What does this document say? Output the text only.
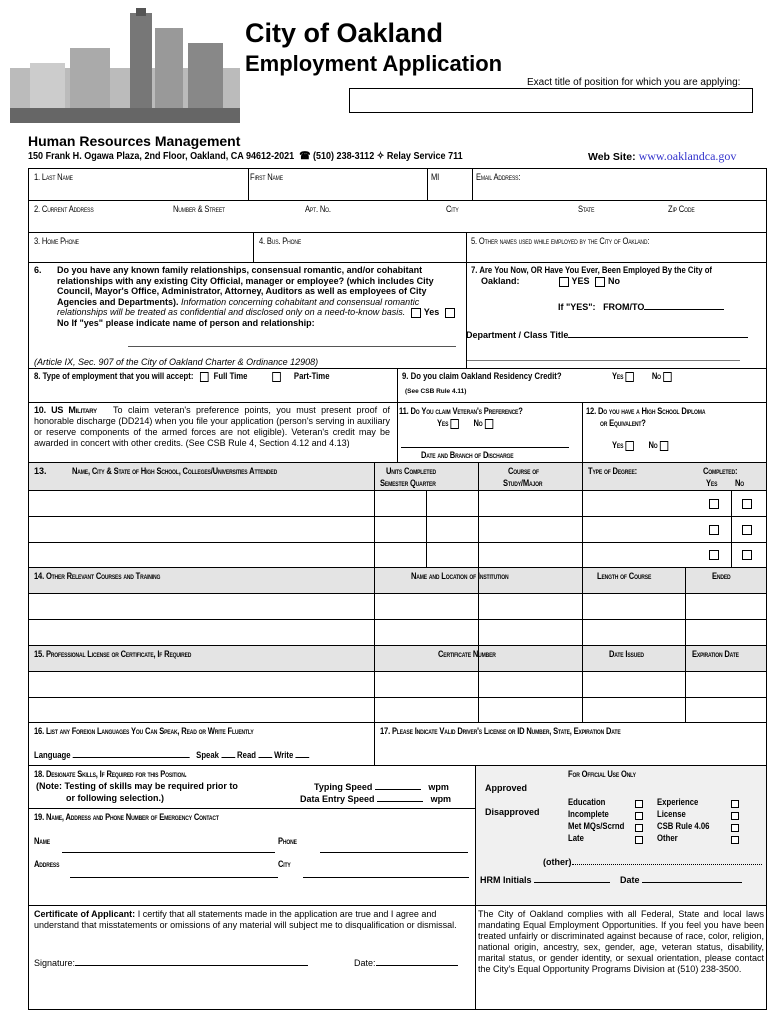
City of Oakland
Employment Application
Exact title of position for which you are applying:
Human Resources Management
150 Frank H. Ogawa Plaza, 2nd Floor, Oakland, CA 94612-2021 ☎ (510) 238-3112 ✧ Relay Service 711	Web Site: www.oaklandca.gov
1. Last Name	First Name	MI	Email Address:
2. Current Address	Number & Street	Apt. No.	City	State	Zip Code
3. Home Phone	4. Bus. Phone	5. Other names used while employed by the City of Oakland:
6. Do you have any known family relationships, consensual romantic, and/or cohabitant relationships with any existing City Official, manager or employee? (which includes City Council, Mayor's Office, Administrator, Attorney, Auditors as well as employees of City Agencies and Departments). Information concerning cohabitant and consensual romantic relationships will be treated as confidential and disclosed only on a need-to-know basis. Yes No If "yes" please indicate name of person and relationship:
(Article IX, Sec. 907 of the City of Oakland Charter & Ordinance 12908)
7. Are You Now, OR Have You Ever, Been Employed By the City of
Oakland:	YES No
If "YES": FROM/TO
Department / Class Title
8. Type of employment that you will accept: Full Time	Part-Time	9. Do you claim Oakland Residency Credit?	Yes	No
(See CSB Rule 4.11)
10. US Military To claim veteran's preference points, you must present proof of honorable discharge (DD214) when you file your application (person's serving in auxiliary or reserve components of the armed forces are not eligible). Veteran's credit may be awarded in concert with other credits. (See CSB Rule 4, Section 4.12 and 4.13)
11. Do You claim Veteran's Preference?
Yes	No
Date and Branch of Discharge
12. Do you have a High School Diploma
or Equivalent?
Yes	No
13.	Name, City & State of High School, Colleges/Universities Attended	Units Completed
Semester Quarter
Course of
Study/Major
Type of Degree:	Completed:
Yes No
14. Other Relevant Courses and Training	Name and Location of Institution	Length of Course	Ended
15. Professional License or Certificate, If Required	Certificate Number	Date Issued	Expiration Date
16. List any Foreign Languages You Can Speak, Read or Write Fluently
Language	Speak Read Write
17. Please Indicate Valid Driver's License or ID Number, State, Expiration Date
18. Designate Skills, If Required for this Position.
(Note: Testing of skills may be required prior to
or following selection.)
Typing Speed	wpm
Data Entry Speed	wpm
19. Name, Address and Phone Number of Emergency Contact
Name	Phone
Address	City
For Official Use Only
Approved
Disapproved
Education
Incomplete
Met MQs/Scrnd
Late
Experience
License
CSB Rule 4.06
Other
(other)
HRM Initials	Date
Certificate of Applicant: I certify that all statements made in the application are true and I agree and understand that misstatements or omissions of any material will subject me to disqualification or dismissal.
Signature:	Date:
The City of Oakland complies with all Federal, State and local laws mandating Equal Employment Opportunities. If you feel you have been treated unfairly or discriminated against because of race, color, religion, national origin, ancestry, sex, gender, age, veteran status, disability, marital status, or gender identity, or sexual orientation, please contact the City's Equal Opportunity Programs Division at (510) 238-3500.
